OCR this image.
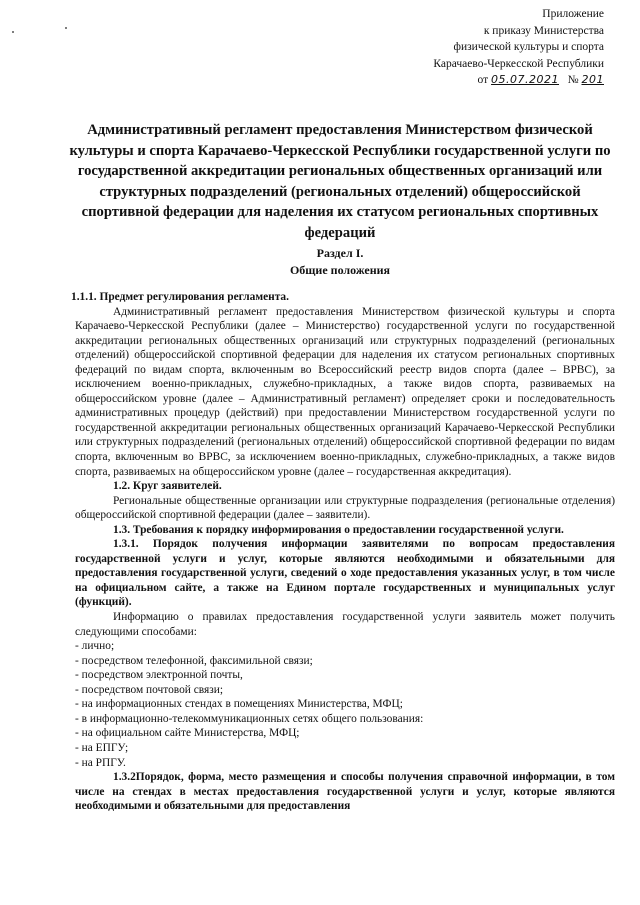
Приложение
к приказу Министерства
физической культуры и спорта
Карачаево-Черкесской Республики
от 05.07.2021 № 201
Административный регламент предоставления Министерством физической культуры и спорта Карачаево-Черкесской Республики государственной услуги по государственной аккредитации региональных общественных организаций или структурных подразделений (региональных отделений) общероссийской спортивной федерации для наделения их статусом региональных спортивных федераций
Раздел I.
Общие положения

1.1.1. Предмет регулирования регламента.

Административный регламент предоставления Министерством физической культуры и спорта Карачаево-Черкесской Республики (далее – Министерство) государственной услуги по государственной аккредитации региональных общественных организаций или структурных подразделений (региональных отделений) общероссийской спортивной федерации для наделения их статусом региональных спортивных федераций по видам спорта, включенным во Всероссийский реестр видов спорта (далее – ВРВС), за исключением военно-прикладных, служебно-прикладных, а также видов спорта, развиваемых на общероссийском уровне (далее – Административный регламент) определяет сроки и последовательность административных процедур (действий) при предоставлении Министерством государственной услуги по государственной аккредитации региональных общественных организаций Карачаево-Черкесской Республики или структурных подразделений (региональных отделений) общероссийской спортивной федерации по видам спорта, включенным во ВРВС, за исключением военно-прикладных, служебно-прикладных, а также видов спорта, развиваемых на общероссийском уровне (далее – государственная аккредитация).

1.2. Круг заявителей.

Региональные общественные организации или структурные подразделения (региональные отделения) общероссийской спортивной федерации (далее – заявители).

1.3. Требования к порядку информирования о предоставлении государственной услуги.

1.3.1. Порядок получения информации заявителями по вопросам предоставления государственной услуги и услуг, которые являются необходимыми и обязательными для предоставления государственной услуги, сведений о ходе предоставления указанных услуг, в том числе на официальном сайте, а также на Едином портале государственных и муниципальных услуг (функций).

Информацию о правилах предоставления государственной услуги заявитель может получить следующими способами:

- лично;

- посредством телефонной, факсимильной связи;

- посредством электронной почты,

- посредством почтовой связи;

- на информационных стендах в помещениях Министерства, МФЦ;

- в информационно-телекоммуникационных сетях общего пользования:

- на официальном сайте Министерства, МФЦ;

- на ЕПГУ;

- на РПГУ.

1.3.2Порядок, форма, место размещения и способы получения справочной информации, в том числе на стендах в местах предоставления государственной услуги и услуг, которые являются необходимыми и обязательными для предоставления
